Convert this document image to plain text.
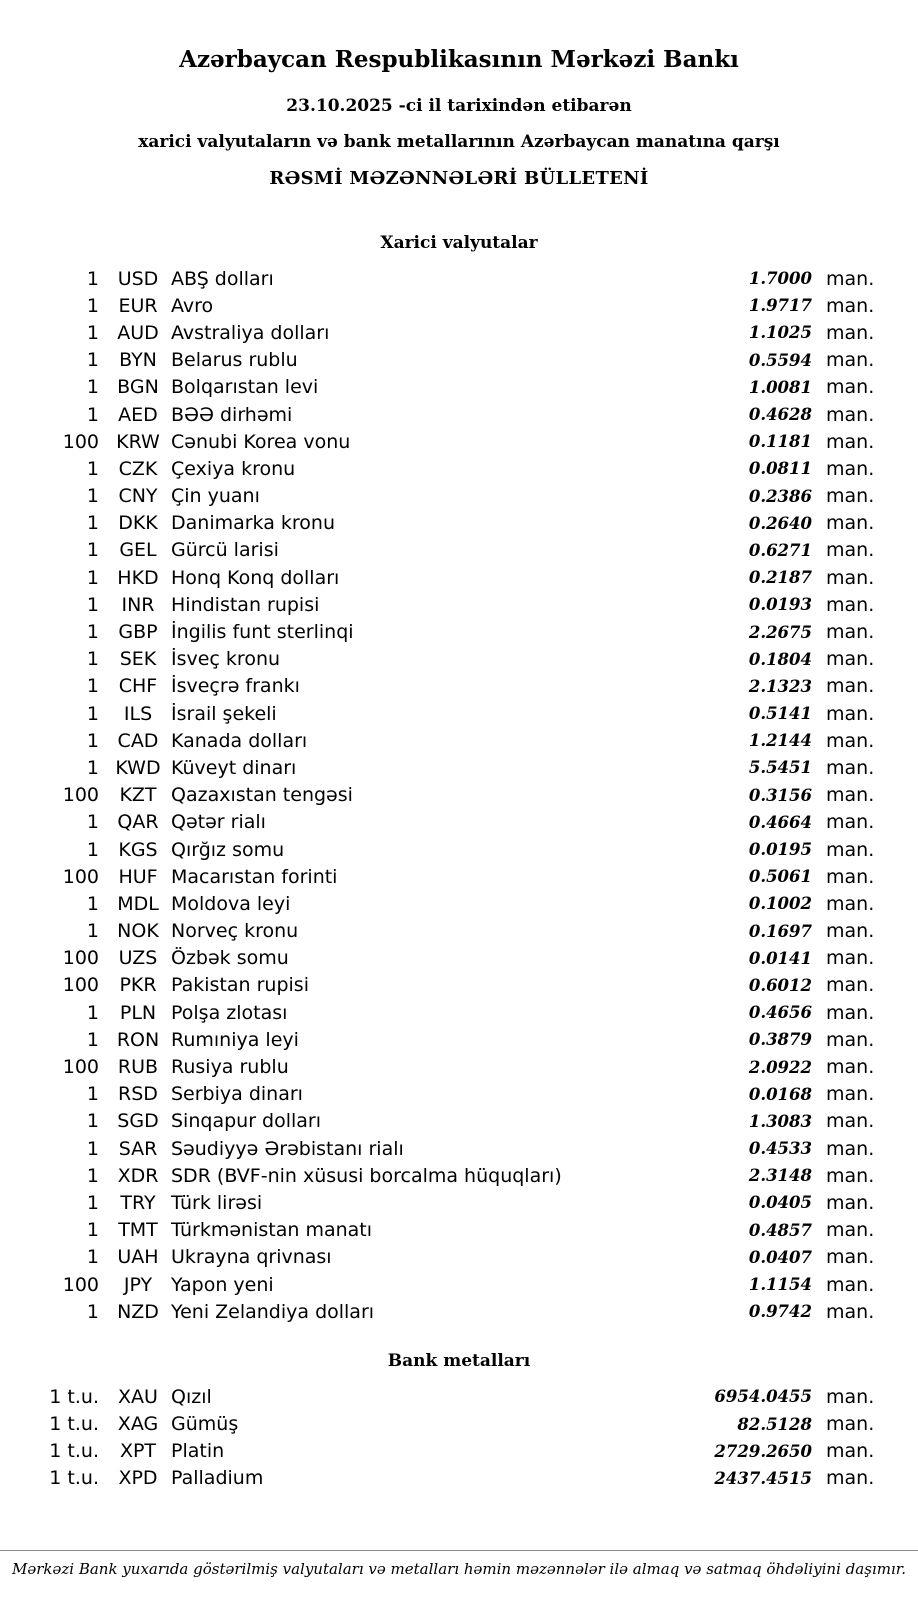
Azərbaycan Respublikasının Mərkəzi Bankı
23.10.2025 -ci il tarixindən etibarən
xarici valyutaların və bank metallarının Azərbaycan manatına qarşı
RƏSMİ MƏZƏNNƏLƏRİ BÜLLETENİ
Xarici valyutalar
1 USD ABŞ dolları	1.7000 man.
1	EUR Avro	1.9717 man.
1 AUD Avstraliya dolları	1.1025 man.
1	BYN Belarus rublu	0.5594 man.
1 BGN Bolqarıstan levi	1.0081 man.
1	AED BƏƏ dirhəmi	0.4628 man.
100 KRW Cənubi Korea vonu	0.1181 man.
1	CZK Çexiya kronu	0.0811 man.
1	CNY Çin yuanı	0.2386 man.
1	DKK Danimarka kronu	0.2640 man.
1	GEL Gürcü larisi	0.6271 man.
1 HKD Honq Konq dolları	0.2187 man.
1	INR Hindistan rupisi	0.0193 man.
1	GBP İngilis funt sterlinqi	2.2675 man.
1	SEK İsveç kronu	0.1804 man.
1	CHF İsveçrə frankı	2.1323 man.
1	ILS İsrail şekeli	0.5141 man.
1 CAD Kanada dolları	1.2144 man.
1 KWD Küveyt dinarı	5.5451 man.
100	KZT Qazaxıstan tengəsi	0.3156 man.
1 QAR Qətər rialı	0.4664 man.
1	KGS Qırğız somu	0.0195 man.
100	HUF Macarıstan forinti	0.5061 man.
1 MDL Moldova leyi	0.1002 man.
1 NOK Norveç kronu	0.1697 man.
100	UZS Özbək somu	0.0141 man.
100	PKR Pakistan rupisi	0.6012 man.
1	PLN Polşa zlotası	0.4656 man.
1 RON Rumıniya leyi	0.3879 man.
100 RUB Rusiya rublu	2.0922 man.
1	RSD Serbiya dinarı	0.0168 man.
1 SGD Sinqapur dolları	1.3083 man.
1	SAR Səudiyyə Ərəbistanı rialı	0.4533 man.
1 XDR SDR (BVF-nin xüsusi borcalma hüquqları)	2.3148 man.
1	TRY Türk lirəsi	0.0405 man.
1	TMT Türkmənistan manatı	0.4857 man.
1 UAH Ukrayna qrivnası	0.0407 man.
100	JPY Yapon yeni	1.1154 man.
1 NZD Yeni Zelandiya dolları	0.9742 man.
Bank metalları
1 t.u.	XAU Qızıl	6954.0455 man.
1 t.u. XAG Gümüş	82.5128 man.
1 t.u.	XPT Platin	2729.2650 man.
1 t.u.	XPD Palladium	2437.4515 man.
Mərkəzi Bank yuxarıda göstərilmiş valyutaları və metalları həmin məzənnələr ilə almaq və satmaq öhdəliyini daşımır.
